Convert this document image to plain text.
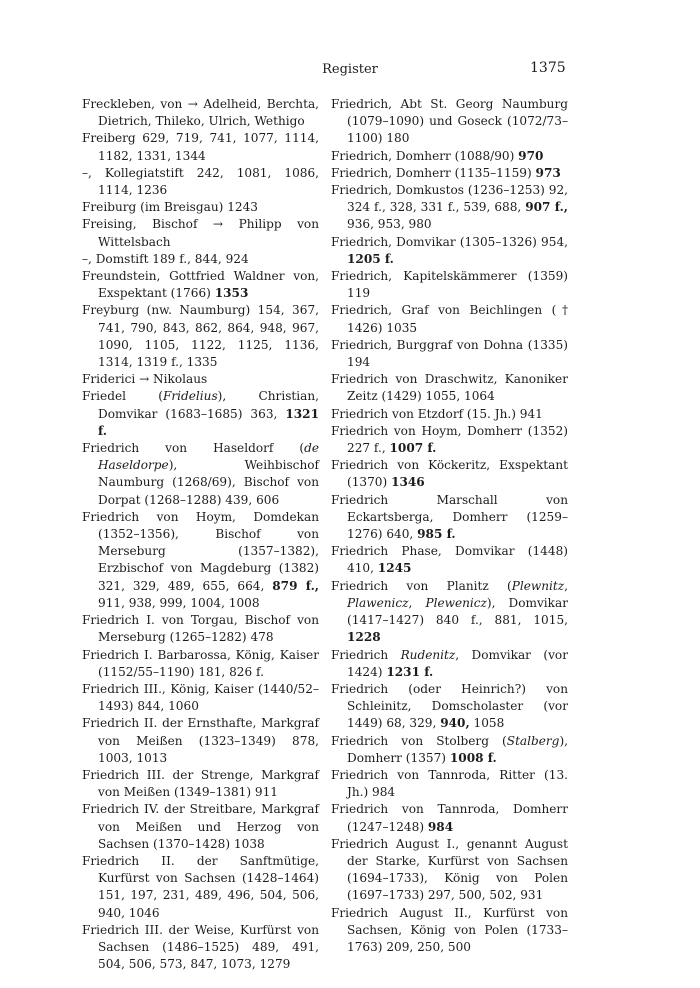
Register	1375

Freckleben, von → Adelheid, Berchta, Dietrich, Thileko, Ulrich, Wethigo

Freiberg 629, 719, 741, 1077, 1114, 1182, 1331, 1344

–, Kollegiatstift 242, 1081, 1086, 1114, 1236

Freiburg (im Breisgau) 1243

Freising, Bischof → Philipp von Wittelsbach

–, Domstift 189 f., 844, 924

Freundstein, Gottfried Waldner von, Exspektant (1766) 1353

Freyburg (nw. Naumburg) 154, 367, 741, 790, 843, 862, 864, 948, 967, 1090, 1105, 1122, 1125, 1136, 1314, 1319 f., 1335

Friderici → Nikolaus

Friedel (Fridelius), Christian, Domvikar (1683–1685) 363, 1321 f.

Friedrich von Haseldorf (de Haseldorpe), Weihbischof Naumburg (1268/69), Bischof von Dorpat (1268–1288) 439, 606

Friedrich von Hoym, Domdekan (1352–1356), Bischof von Merseburg (1357–1382), Erzbischof von Magdeburg (1382) 321, 329, 489, 655, 664, 879 f., 911, 938, 999, 1004, 1008

Friedrich I. von Torgau, Bischof von Merseburg (1265–1282) 478

Friedrich I. Barbarossa, König, Kaiser (1152/55–1190) 181, 826 f.

Friedrich III., König, Kaiser (1440/52–1493) 844, 1060

Friedrich II. der Ernsthafte, Markgraf von Meißen (1323–1349) 878, 1003, 1013

Friedrich III. der Strenge, Markgraf von Meißen (1349–1381) 911

Friedrich IV. der Streitbare, Markgraf von Meißen und Herzog von Sachsen (1370–1428) 1038

Friedrich II. der Sanftmütige, Kurfürst von Sachsen (1428–1464) 151, 197, 231, 489, 496, 504, 506, 940, 1046

Friedrich III. der Weise, Kurfürst von Sachsen (1486–1525) 489, 491, 504, 506, 573, 847, 1073, 1279

Friedrich, Abt St. Georg Naumburg (1079–1090) und Goseck (1072/73–1100) 180

Friedrich, Domherr (1088/90) 970

Friedrich, Domherr (1135–1159) 973

Friedrich, Domkustos (1236–1253) 92, 324 f., 328, 331 f., 539, 688, 907 f., 936, 953, 980

Friedrich, Domvikar (1305–1326) 954, 1205 f.

Friedrich, Kapitelskämmerer (1359) 119

Friedrich, Graf von Beichlingen († 1426) 1035

Friedrich, Burggraf von Dohna (1335) 194

Friedrich von Draschwitz, Kanoniker Zeitz (1429) 1055, 1064

Friedrich von Etzdorf (15. Jh.) 941

Friedrich von Hoym, Domherr (1352) 227 f., 1007 f.

Friedrich von Köckeritz, Exspektant (1370) 1346

Friedrich Marschall von Eckartsberga, Domherr (1259–1276) 640, 985 f.

Friedrich Phase, Domvikar (1448) 410, 1245

Friedrich von Planitz (Plewnitz, Plawenicz, Plewenicz), Domvikar (1417–1427) 840 f., 881, 1015, 1228

Friedrich Rudenitz, Domvikar (vor 1424) 1231 f.

Friedrich (oder Heinrich?) von Schleinitz, Domscholaster (vor 1449) 68, 329, 940, 1058

Friedrich von Stolberg (Stalberg), Domherr (1357) 1008 f.

Friedrich von Tannroda, Ritter (13. Jh.) 984

Friedrich von Tannroda, Domherr (1247–1248) 984

Friedrich August I., genannt August der Starke, Kurfürst von Sachsen (1694–1733), König von Polen (1697–1733) 297, 500, 502, 931

Friedrich August II., Kurfürst von Sachsen, König von Polen (1733–1763) 209, 250, 500
